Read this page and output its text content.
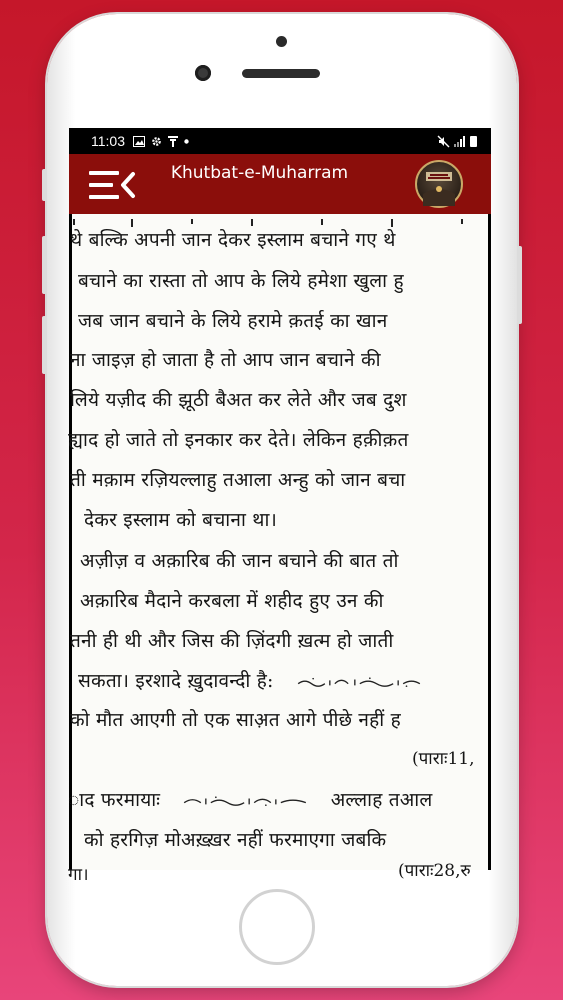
11:03
Khutbat-e-Muharram
थे बल्कि अपनी जान देकर इस्लाम बचाने गए थे
बचाने का रास्ता तो आप के लिये हमेशा खुला हु
जब जान बचाने के लिये हरामे क़तई का खान
ना जाइज़ हो जाता है तो आप जान बचाने की
लिये यज़ीद की झूठी बैअत कर लेते और जब दुश
ह्याद हो जाते तो इनकार कर देते। लेकिन हक़ीक़त
ती मक़ाम रज़ियल्लाहु तआला अन्हु को जान बचा
देकर इस्लाम को बचाना था।
अज़ीज़ व अक़ारिब की जान बचाने की बात तो
अक़ारिब मैदाने करबला में शहीद हुए उन की
तनी ही थी और जिस की ज़िंदगी ख़त्म हो जाती
सकता। इरशादे ख़ुदावन्दी है:
को मौत आएगी तो एक साअ़त आगे पीछे नहीं ह
(पाराः11,
ाद फरमायाः	अल्लाह तआल
को हरगिज़ मोअख़्ख़र नहीं फरमाएगा जबकि
गा।	(पाराः28,रु
